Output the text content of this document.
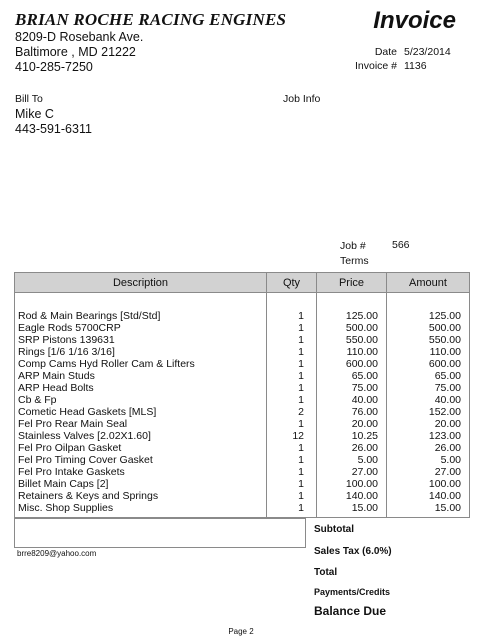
BRIAN ROCHE RACING ENGINES
8209-D Rosebank Ave.
Baltimore , MD 21222
410-285-7250
Invoice
Date 5/23/2014
Invoice # 1136
Bill To	Job Info
Mike C
443-591-6311
Job #	566
Terms
Description	Qty	Price	Amount

Rod & Main Bearings [Std/Std]	1	125.00	125.00
Eagle Rods 5700CRP	1	500.00	500.00
SRP Pistons 139631	1	550.00	550.00
Rings [1/6 1/16 3/16]	1	110.00	110.00
Comp Cams Hyd Roller Cam & Lifters	1	600.00	600.00
ARP Main Studs	1	65.00	65.00
ARP Head Bolts	1	75.00	75.00
Cb & Fp	1	40.00	40.00
Cometic Head Gaskets [MLS]	2	76.00	152.00
Fel Pro Rear Main Seal	1	20.00	20.00
Stainless Valves [2.02X1.60]	12	10.25	123.00
Fel Pro Oilpan Gasket	1	26.00	26.00
Fel Pro Timing Cover Gasket	1	5.00	5.00
Fel Pro Intake Gaskets	1	27.00	27.00
Billet Main Caps [2]	1	100.00	100.00
Retainers & Keys and Springs	1	140.00	140.00
Misc. Shop Supplies	1	15.00	15.00
brre8209@yahoo.com
Subtotal
Sales Tax (6.0%)
Total
Payments/Credits
Balance Due
Page 2
